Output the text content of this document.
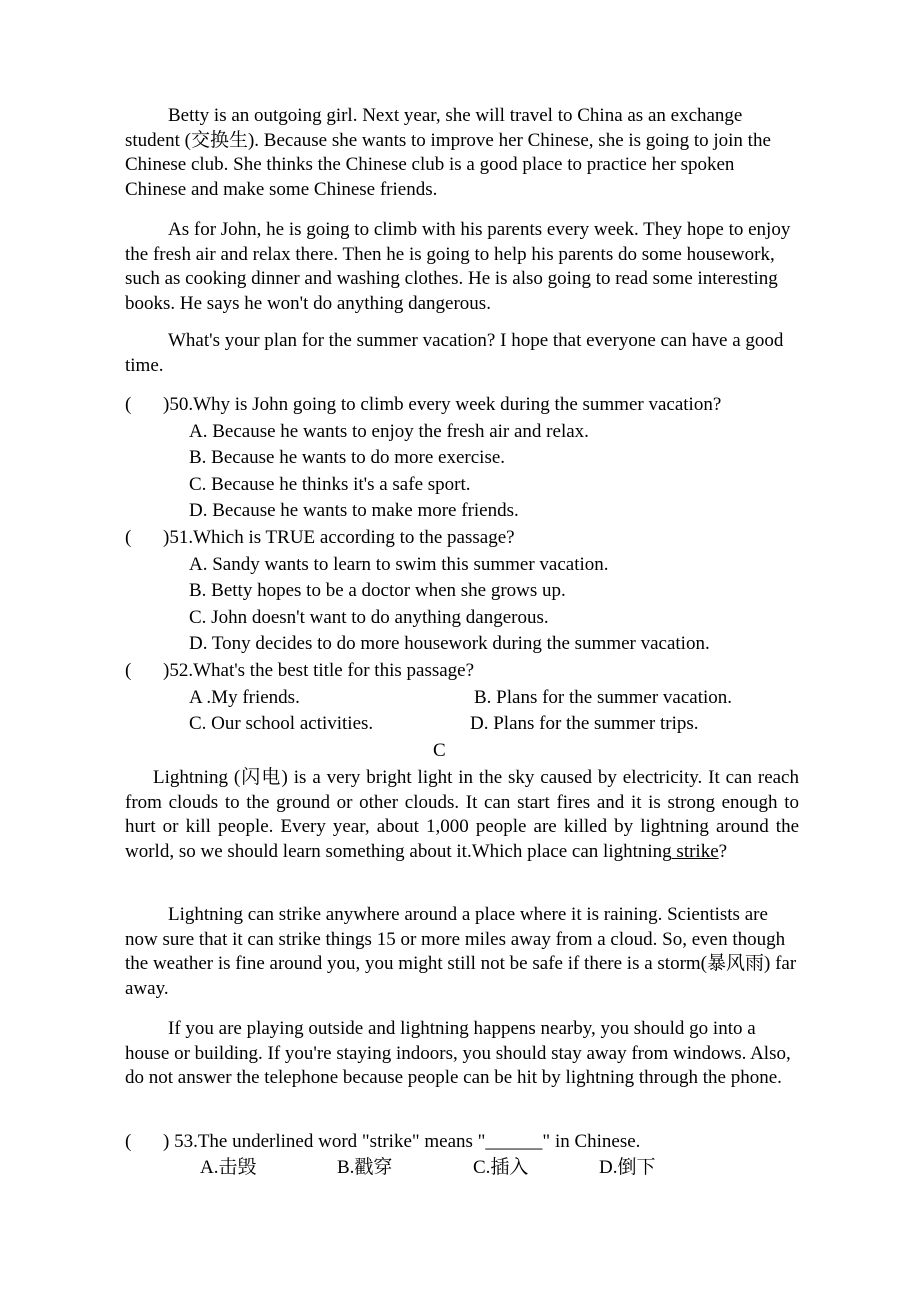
Betty is an outgoing girl. Next year, she will travel to China as an exchange student (交换生). Because she wants to improve her Chinese, she is going to join the Chinese club. She thinks the Chinese club is a good place to practice her spoken Chinese and make some Chinese friends.

As for John, he is going to climb with his parents every week. They hope to enjoy the fresh air and relax there. Then he is going to help his parents do some housework, such as cooking dinner and washing clothes. He is also going to read some interesting books. He says he won't do anything dangerous.

What's your plan for the summer vacation? I hope that everyone can have a good time.

( )50.Why is John going to climb every week during the summer vacation?
A. Because he wants to enjoy the fresh air and relax.
B. Because he wants to do more exercise.
C. Because he thinks it's a safe sport.
D. Because he wants to make more friends.
( )51.Which is TRUE according to the passage?
A. Sandy wants to learn to swim this summer vacation.
B. Betty hopes to be a doctor when she grows up.
C. John doesn't want to do anything dangerous.
D. Tony decides to do more housework during the summer vacation.
( )52.What's the best title for this passage?
A .My friends.	B. Plans for the summer vacation.
C. Our school activities.	D. Plans for the summer trips.
C

Lightning (闪电) is a very bright light in the sky caused by electricity. It can reach from clouds to the ground or other clouds. It can start fires and it is strong enough to hurt or kill people. Every year, about 1,000 people are killed by lightning around the world, so we should learn something about it.Which place can lightning strike?

Lightning can strike anywhere around a place where it is raining. Scientists are now sure that it can strike things 15 or more miles away from a cloud. So, even though the weather is fine around you, you might still not be safe if there is a storm(暴风雨) far away.

If you are playing outside and lightning happens nearby, you should go into a house or building. If you're staying indoors, you should stay away from windows. Also, do not answer the telephone because people can be hit by lightning through the phone.

( ) 53.The underlined word "strike" means "______" in Chinese.
A.击毁	B.戳穿	C.插入	D.倒下
